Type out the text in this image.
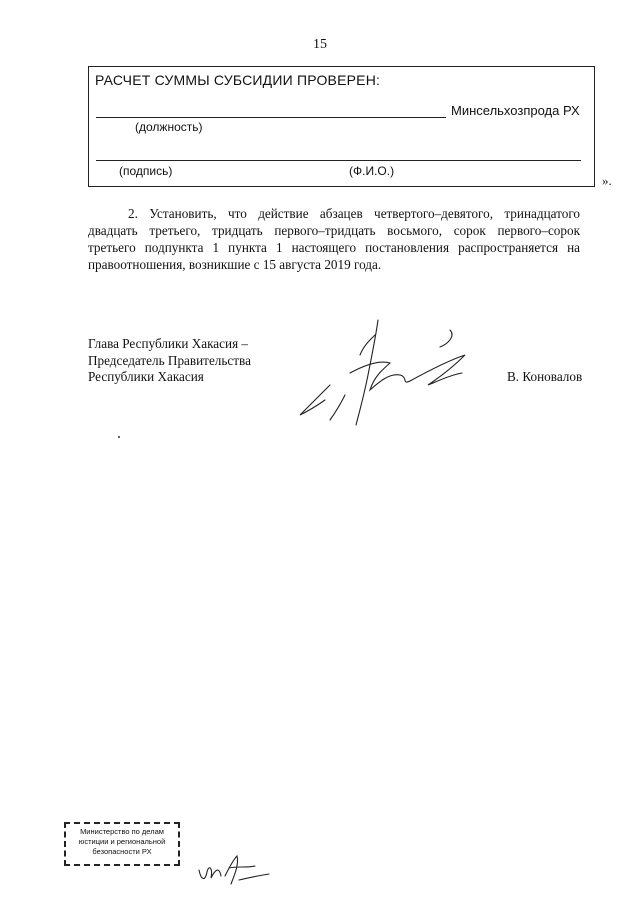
15
РАСЧЕТ СУММЫ СУБСИДИИ ПРОВЕРЕН:
Минсельхозпрода РХ
(должность)
(подпись)	(Ф.И.О.)
».
2. Установить, что действие абзацев четвертого–девятого, тринадцатого двадцать третьего, тридцать первого–тридцать восьмого, сорок первого–сорок третьего подпункта 1 пункта 1 настоящего постановления распространяется на правоотношения, возникшие с 15 августа 2019 года.
Глава Республики Хакасия –
Председатель Правительства
Республики Хакасия	В. Коновалов
Министерство по делам юстиции и региональной безопасности РХ
